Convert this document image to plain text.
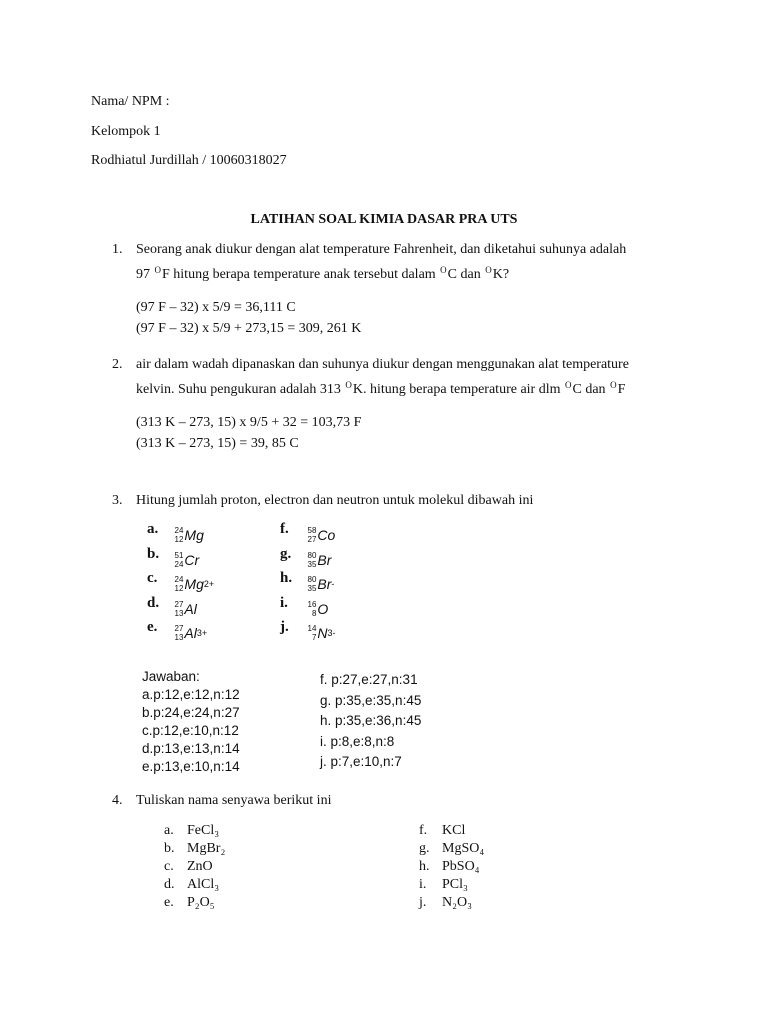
Nama/ NPM :
Kelompok 1
Rodhiatul Jurdillah / 10060318027
LATIHAN SOAL KIMIA DASAR PRA UTS
1. Seorang anak diukur dengan alat temperature Fahrenheit, dan diketahui suhunya adalah
97 $^O$F hitung berapa temperature anak tersebut dalam $^O$C dan $^O$K?
(97 F – 32) x 5/9 = 36,111 C
(97 F – 32) x 5/9 + 273,15 = 309, 261 K
2. air dalam wadah dipanaskan dan suhunya diukur dengan menggunakan alat temperature
kelvin. Suhu pengukuran adalah 313 $^O$K. hitung berapa temperature air dlm $^O$C dan $^O$F
(313 K – 273, 15) x 9/5 + 32 = 103,73 F
(313 K – 273, 15) = 39, 85 C
3. Hitung jumlah proton, electron dan neutron untuk molekul dibawah ini
a. 24
12 Mg
b. 51
24 Cr
c. 24
12 Mg 2+
d. 27
13 Al
e. 27
13 Al 3+
f. 58
27 Co
g. 80
35 Br
h. 80
35 Br -
i. 16
8 O
j. 14
7 N 3-
Jawaban:
a.p:12,e:12,n:12
b.p:24,e:24,n:27
c.p:12,e:10,n:12
d.p:13,e:13,n:14
e.p:13,e:10,n:14
f. p:27,e:27,n:31
g. p:35,e:35,n:45
h. p:35,e:36,n:45
i. p:8,e:8,n:8
j. p:7,e:10,n:7
4. Tuliskan nama senyawa berikut ini
a. FeCl₃
b. MgBr₂
c. ZnO
d. AlCl₃
e. P₂O₅
f. KCl
g. MgSO₄
h. PbSO₄
i. PCl₃
j. N₂O₃
